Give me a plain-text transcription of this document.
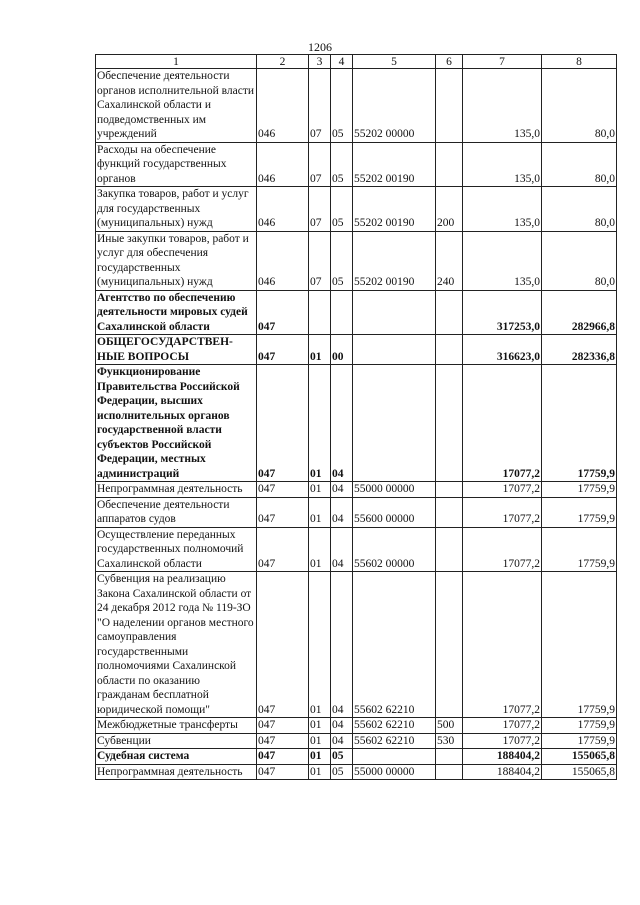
1206
1	2	3	4	5	6	7	8
Обеспечение деятельности органов исполнительной власти Сахалинской области и подведомственных им учреждений	046	07	05	55202 00000		135,0	80,0
Расходы на обеспечение функций государственных органов	046	07	05	55202 00190		135,0	80,0
Закупка товаров, работ и услуг для государственных (муниципальных) нужд	046	07	05	55202 00190	200	135,0	80,0
Иные закупки товаров, работ и услуг для обеспечения государственных (муниципальных) нужд	046	07	05	55202 00190	240	135,0	80,0
Агентство по обеспечению деятельности мировых судей Сахалинской области	047					317253,0	282966,8
ОБЩЕГОСУДАРСТВЕН-НЫЕ ВОПРОСЫ	047	01	00			316623,0	282336,8
Функционирование Правительства Российской Федерации, высших исполнительных органов государственной власти субъектов Российской Федерации, местных администраций	047	01	04			17077,2	17759,9
Непрограммная деятельность	047	01	04	55000 00000		17077,2	17759,9
Обеспечение деятельности аппаратов судов	047	01	04	55600 00000		17077,2	17759,9
Осуществление переданных государственных полномочий Сахалинской области	047	01	04	55602 00000		17077,2	17759,9
Субвенция на реализацию Закона Сахалинской области от 24 декабря 2012 года № 119-ЗО "О наделении органов местного самоуправления государственными полномочиями Сахалинской области по оказанию гражданам бесплатной юридической помощи"	047	01	04	55602 62210		17077,2	17759,9
Межбюджетные трансферты	047	01	04	55602 62210	500	17077,2	17759,9
Субвенции	047	01	04	55602 62210	530	17077,2	17759,9
Судебная система	047	01	05			188404,2	155065,8
Непрограммная деятельность	047	01	05	55000 00000		188404,2	155065,8
